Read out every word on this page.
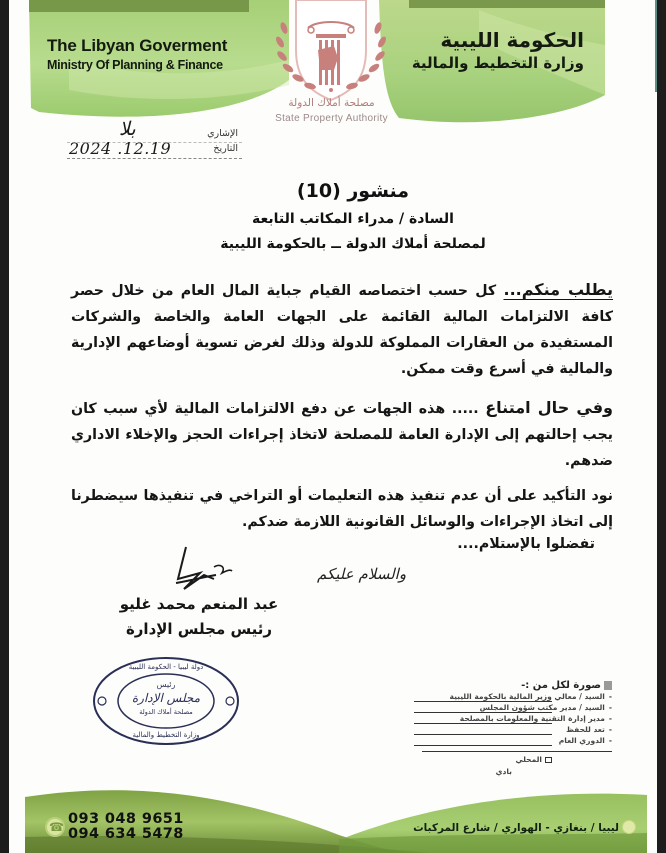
The Libyan Goverment
Ministry Of Planning & Finance
الحكومة الليبية
وزارة التخطيط والمالية
مصلحة أملاك الدولة
State Property Authority
الإشاري
بلا
التاريخ
2024 .12.19
منشور (10)
السادة / مدراء المكاتب التابعة
لمصلحة أملاك الدولة ــ بالحكومة الليبية
يطلب منكم... كل حسب اختصاصه القيام جباية المال العام من خلال حصر كافة الالتزامات المالية القائمة على الجهات العامة والخاصة والشركات المستفيدة من العقارات المملوكة للدولة وذلك لغرض تسوية أوضاعهم الإدارية والمالية في أسرع وقت ممكن.
وفي حال امتناع ..... هذه الجهات عن دفع الالتزامات المالية لأي سبب كان يجب إحالتهم إلى الإدارة العامة للمصلحة لاتخاذ إجراءات الحجز والإخلاء الاداري ضدهم.
نود التأكيد على أن عدم تنفيذ هذه التعليمات أو التراخي في تنفيذها سيضطرنا إلى اتخاذ الإجراءات والوسائل القانونية اللازمة ضدكم.
تفضلوا بالإستلام....
والسلام عليكم
عبد المنعم محمد غليو
رئيس مجلس الإدارة
دولة ليبيا - الحكومة الليبية
رئيس
مجلس الإدارة
مصلحة أملاك الدولة
وزارة التخطيط والمالية
صورة لكل من :-
- السيد / معالي وزير المالية بالحكومة الليبية
- السيد / مدير مكتب شؤون المجلس
- مدير إدارة التقنية والمعلومات بالمصلحة
- تعد للحفظ
- الدوري العام
المحلي
بادي
☎
093 048 9651
094 634 5478	ليبيا / بنغازي - الهواري / شارع المركبات
